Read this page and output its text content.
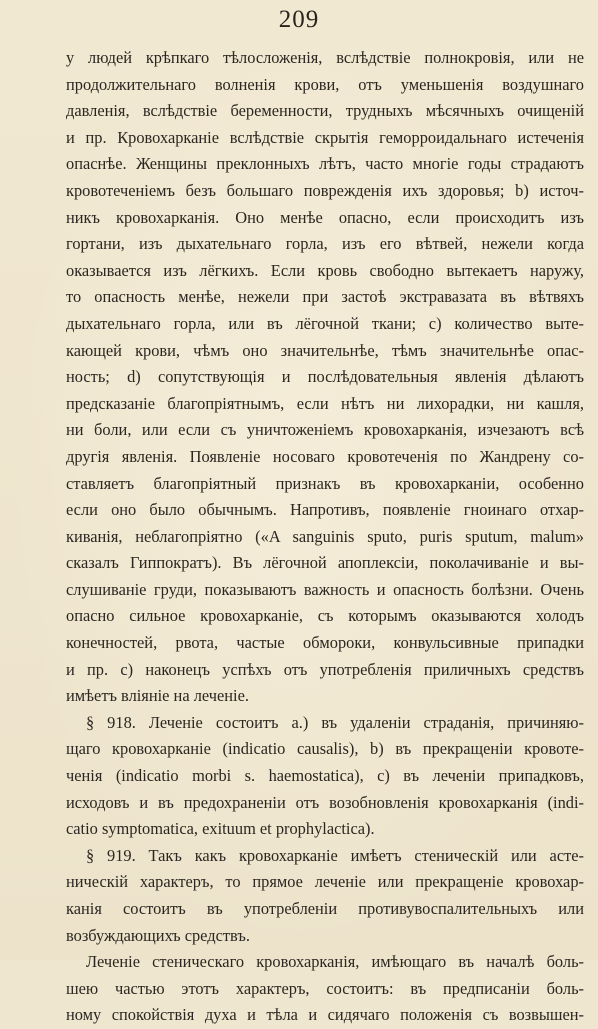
209
у людей крѣпкаго тѣлосложенія, вслѣдствіе полнокровія, или не
продолжительнаго волненія крови, отъ уменьшенія воздушнаго
давленія, вслѣдствіе беременности, трудныхъ мѣсячныхъ очищеній
и пр. Кровохарканіе вслѣдствіе скрытія геморроидальнаго истеченія
опаснѣе. Женщины преклонныхъ лѣтъ, часто многіе годы страдаютъ
кровотеченіемъ безъ большаго поврежденія ихъ здоровья; b) источ-
никъ кровохарканія. Оно менѣе опасно, если происходитъ изъ
гортани, изъ дыхательнаго горла, изъ его вѣтвей, нежели когда
оказывается изъ лёгкихъ. Если кровь свободно вытекаетъ наружу,
то опасность менѣе, нежели при застоѣ экстравазата въ вѣтвяхъ
дыхательнаго горла, или въ лёгочной ткани; c) количество выте-
кающей крови, чѣмъ оно значительнѣе, тѣмъ значительнѣе опас-
ность; d) сопутствующія и послѣдовательныя явленія дѣлаютъ
предсказаніе благопріятнымъ, если нѣтъ ни лихорадки, ни кашля,
ни боли, или если съ уничтоженіемъ кровохарканія, изчезаютъ всѣ
другія явленія. Появленіе носоваго кровотеченія по Жандрену со-
ставляетъ благопріятный признакъ въ кровохарканіи, особенно
если оно было обычнымъ. Напротивъ, появленіе гноинаго отхар-
киванія, неблагопріятно («A sanguinis sputo, puris sputum, malum»
сказалъ Гиппократъ). Въ лёгочной апоплексіи, поколачиваніе и вы-
слушиваніе груди, показываютъ важность и опасность болѣзни. Очень
опасно сильное кровохарканіе, съ которымъ оказываются холодъ
конечностей, рвота, частые обмороки, конвульсивные припадки
и пр. c) наконецъ успѣхъ отъ употребленія приличныхъ средствъ
имѣетъ вліяніе на леченіе.
§ 918. Леченіе состоитъ a.) въ удаленіи страданія, причиняю-
щаго кровохарканіе (indicatio causalis), b) въ прекращеніи кровоте-
ченія (indicatio morbi s. haemostatica), c) въ леченіи припадковъ,
исходовъ и въ предохраненіи отъ возобновленія кровохарканія (indi-
catio symptomatica, exituum et prophylactica).
§ 919. Такъ какъ кровохарканіе имѣетъ стеническій или асте-
ническій характеръ, то прямое леченіе или прекращеніе кровохар-
канія состоитъ въ употребленіи противувоспалительныхъ или
возбуждающихъ средствъ.
Леченіе стеническаго кровохарканія, имѣющаго въ началѣ боль-
шею частью этотъ характеръ, состоитъ: въ предписаніи боль-
ному спокойствія духа и тѣла и сидячаго положенія съ возвышен-
